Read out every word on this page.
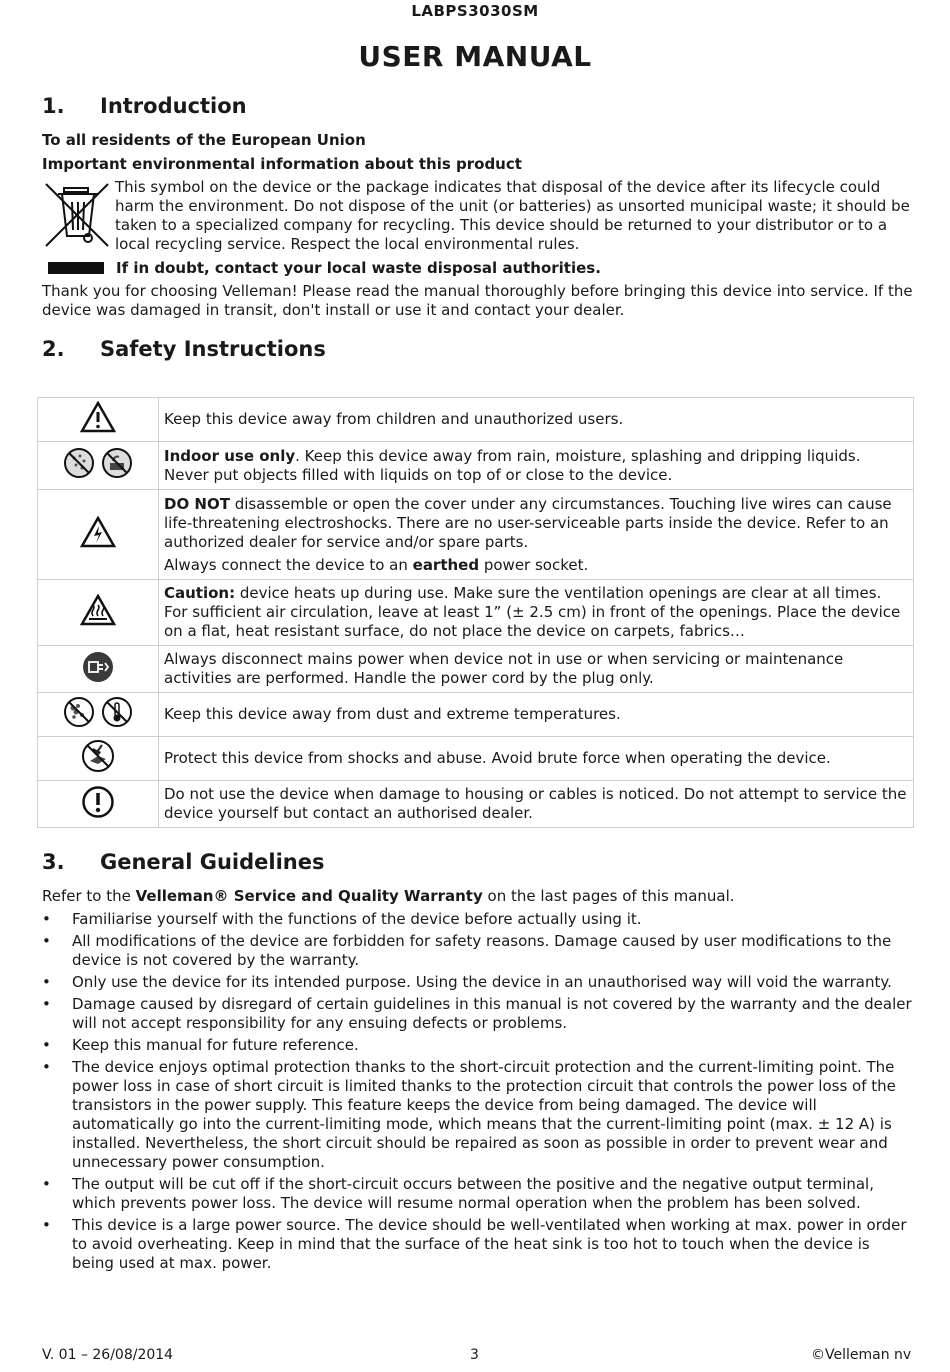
LABPS3030SM
USER MANUAL
1. Introduction
To all residents of the European Union
Important environmental information about this product
This symbol on the device or the package indicates that disposal of the device after its lifecycle could harm the environment. Do not dispose of the unit (or batteries) as unsorted municipal waste; it should be taken to a specialized company for recycling. This device should be returned to your distributor or to a local recycling service. Respect the local environmental rules.
If in doubt, contact your local waste disposal authorities.
Thank you for choosing Velleman! Please read the manual thoroughly before bringing this device into service. If the device was damaged in transit, don't install or use it and contact your dealer.
2. Safety Instructions
	Keep this device away from children and unauthorized users.

	Indoor use only. Keep this device away from rain, moisture, splashing and dripping liquids. Never put objects filled with liquids on top of or close to the device.

DO NOT disassemble or open the cover under any circumstances. Touching live wires can cause life-threatening electroshocks. There are no user-serviceable parts inside the device. Refer to an authorized dealer for service and/or spare parts.

Always connect the device to an earthed power socket.

	Caution: device heats up during use. Make sure the ventilation openings are clear at all times. For sufficient air circulation, leave at least 1” (± 2.5 cm) in front of the openings. Place the device on a flat, heat resistant surface, do not place the device on carpets, fabrics…
	Always disconnect mains power when device not in use or when servicing or maintenance activities are performed. Handle the power cord by the plug only.

	Keep this device away from dust and extreme temperatures.
	Protect this device from shocks and abuse. Avoid brute force when operating the device.
	Do not use the device when damage to housing or cables is noticed. Do not attempt to service the device yourself but contact an authorised dealer.
3. General Guidelines
Refer to the Velleman® Service and Quality Warranty on the last pages of this manual.
• Familiarise yourself with the functions of the device before actually using it.
• All modifications of the device are forbidden for safety reasons. Damage caused by user modifications to the device is not covered by the warranty.
• Only use the device for its intended purpose. Using the device in an unauthorised way will void the warranty.
• Damage caused by disregard of certain guidelines in this manual is not covered by the warranty and the dealer will not accept responsibility for any ensuing defects or problems.
• Keep this manual for future reference.
• The device enjoys optimal protection thanks to the short-circuit protection and the current-limiting point. The power loss in case of short circuit is limited thanks to the protection circuit that controls the power loss of the transistors in the power supply. This feature keeps the device from being damaged. The device will automatically go into the current-limiting mode, which means that the current-limiting point (max. ± 12 A) is installed. Nevertheless, the short circuit should be repaired as soon as possible in order to prevent wear and unnecessary power consumption.
• The output will be cut off if the short-circuit occurs between the positive and the negative output terminal, which prevents power loss. The device will resume normal operation when the problem has been solved.
• This device is a large power source. The device should be well-ventilated when working at max. power in order to avoid overheating. Keep in mind that the surface of the heat sink is too hot to touch when the device is being used at max. power.
V. 01 – 26/08/2014	3	©Velleman nv
